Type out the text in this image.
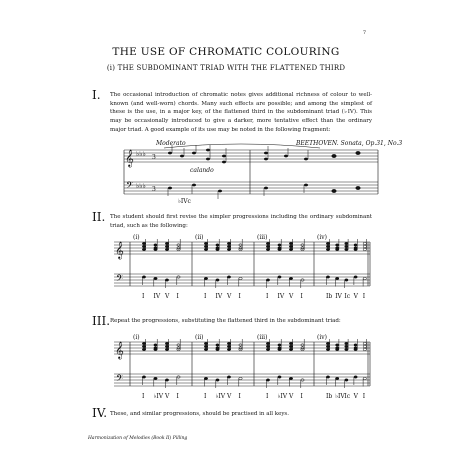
7
THE USE OF CHROMATIC COLOURING
(i) THE SUBDOMINANT TRIAD WITH THE FLATTENED THIRD
I. The occasional introduction of chromatic notes gives additional richness of colour to well-known (and well-worn) chords. Many such effects are possible; and among the simplest of these is the use, in a major key, of the flattened third in the subdominant triad (♭IV). This may be occasionally introduced to give a darker, more tentative effect than the ordinary major triad. A good example of its use may be noted in the following fragment:
Moderato	BEETHOVEN. Sonata, Op.31, No.3
𝄞
𝄢
♭♭♭
♭♭♭
3
3
calando
♭IVc
II. The student should first revise the simpler progressions including the ordinary subdominant triad, such as the following:
𝄞
𝄢
(i)
I IV V I
(ii)
I IV V I
(iii)
I IV V I
(iv)
Ib IV Ic V I
III. Repeat the progressions, substituting the flattened third in the subdominant triad:
𝄞
𝄢
(i)
I ♭IV V I
(ii)
I ♭IV V I
(iii)
I ♭IV V I
(iv)
Ib ♭IV Ic V I
IV. These, and similar progressions, should be practised in all keys.
Harmonization of Melodies (Book II) Pilling
